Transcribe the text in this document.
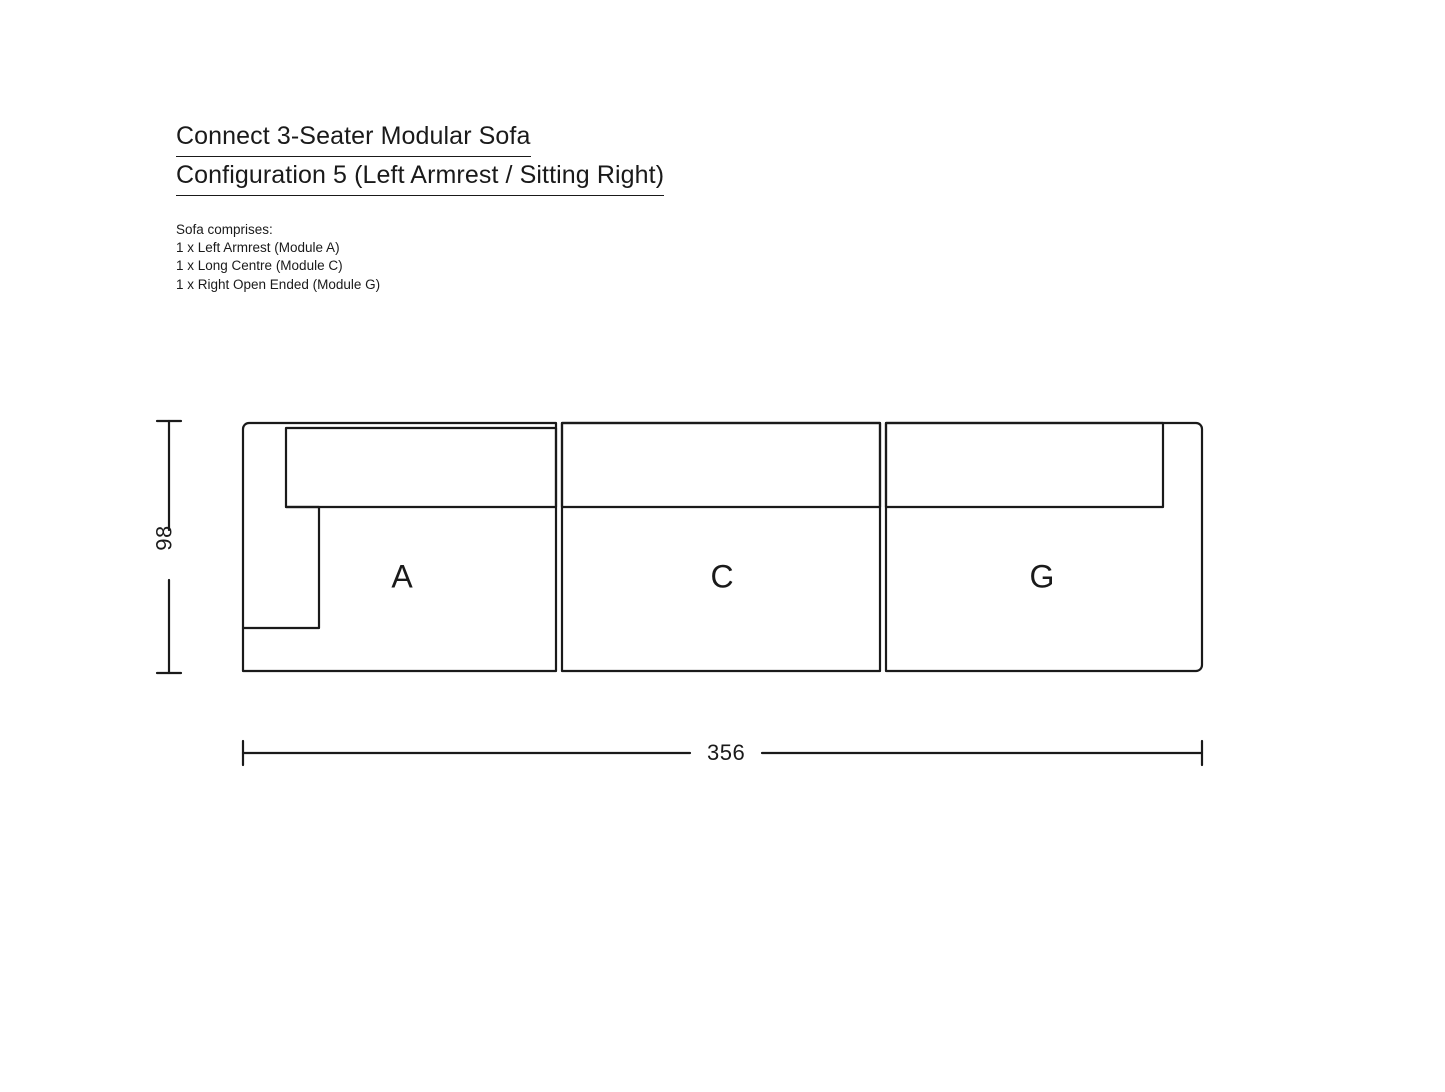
Connect 3-Seater Modular Sofa
Configuration 5 (Left Armrest / Sitting Right)
Sofa comprises:
1 x Left Armrest (Module A)
1 x Long Centre (Module C)
1 x Right Open Ended (Module G)
98
356
A	C	G
